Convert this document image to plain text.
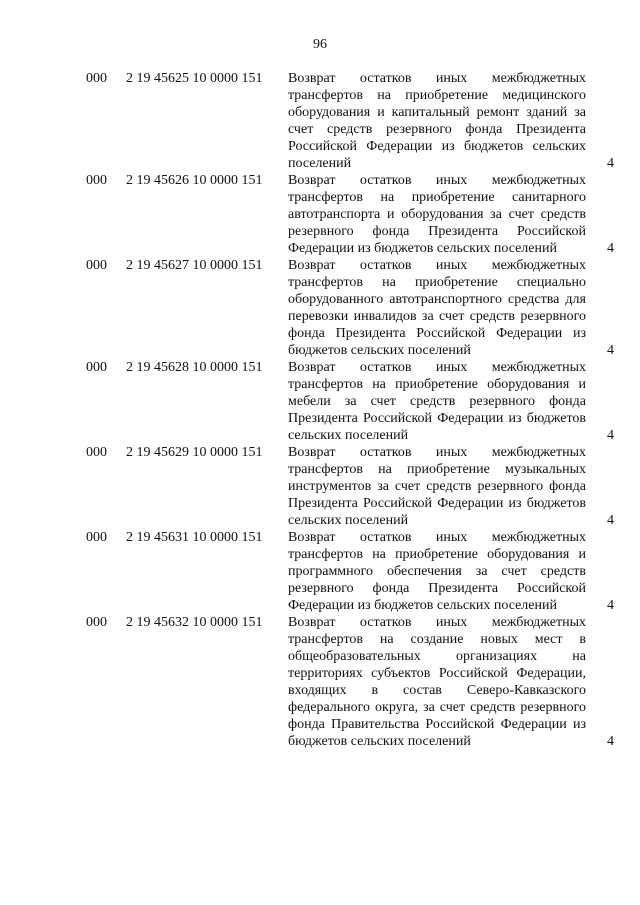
96
000 2 19 45625 10 0000 151 Возврат остатков иных межбюджетных трансфертов на приобретение медицинского оборудования и капитальный ремонт зданий за счет средств резервного фонда Президента Российской Федерации из бюджетов сельских поселений	4
000 2 19 45626 10 0000 151 Возврат остатков иных межбюджетных трансфертов на приобретение санитарного автотранспорта и оборудования за счет средств резервного фонда Президента Российской Федерации из бюджетов сельских поселений	4
000 2 19 45627 10 0000 151 Возврат остатков иных межбюджетных трансфертов на приобретение специально оборудованного автотранспортного средства для перевозки инвалидов за счет средств резервного фонда Президента Российской Федерации из бюджетов сельских поселений	4
000 2 19 45628 10 0000 151 Возврат остатков иных межбюджетных трансфертов на приобретение оборудования и мебели за счет средств резервного фонда Президента Российской Федерации из бюджетов сельских поселений	4
000 2 19 45629 10 0000 151 Возврат остатков иных межбюджетных трансфертов на приобретение музыкальных инструментов за счет средств резервного фонда Президента Российской Федерации из бюджетов сельских поселений	4
000 2 19 45631 10 0000 151 Возврат остатков иных межбюджетных трансфертов на приобретение оборудования и программного обеспечения за счет средств резервного фонда Президента Российской Федерации из бюджетов сельских поселений	4
000 2 19 45632 10 0000 151 Возврат остатков иных межбюджетных трансфертов на создание новых мест в общеобразовательных организациях на территориях субъектов Российской Федерации, входящих в состав Северо-Кавказского федерального округа, за счет средств резервного фонда Правительства Российской Федерации из бюджетов сельских поселений	4
